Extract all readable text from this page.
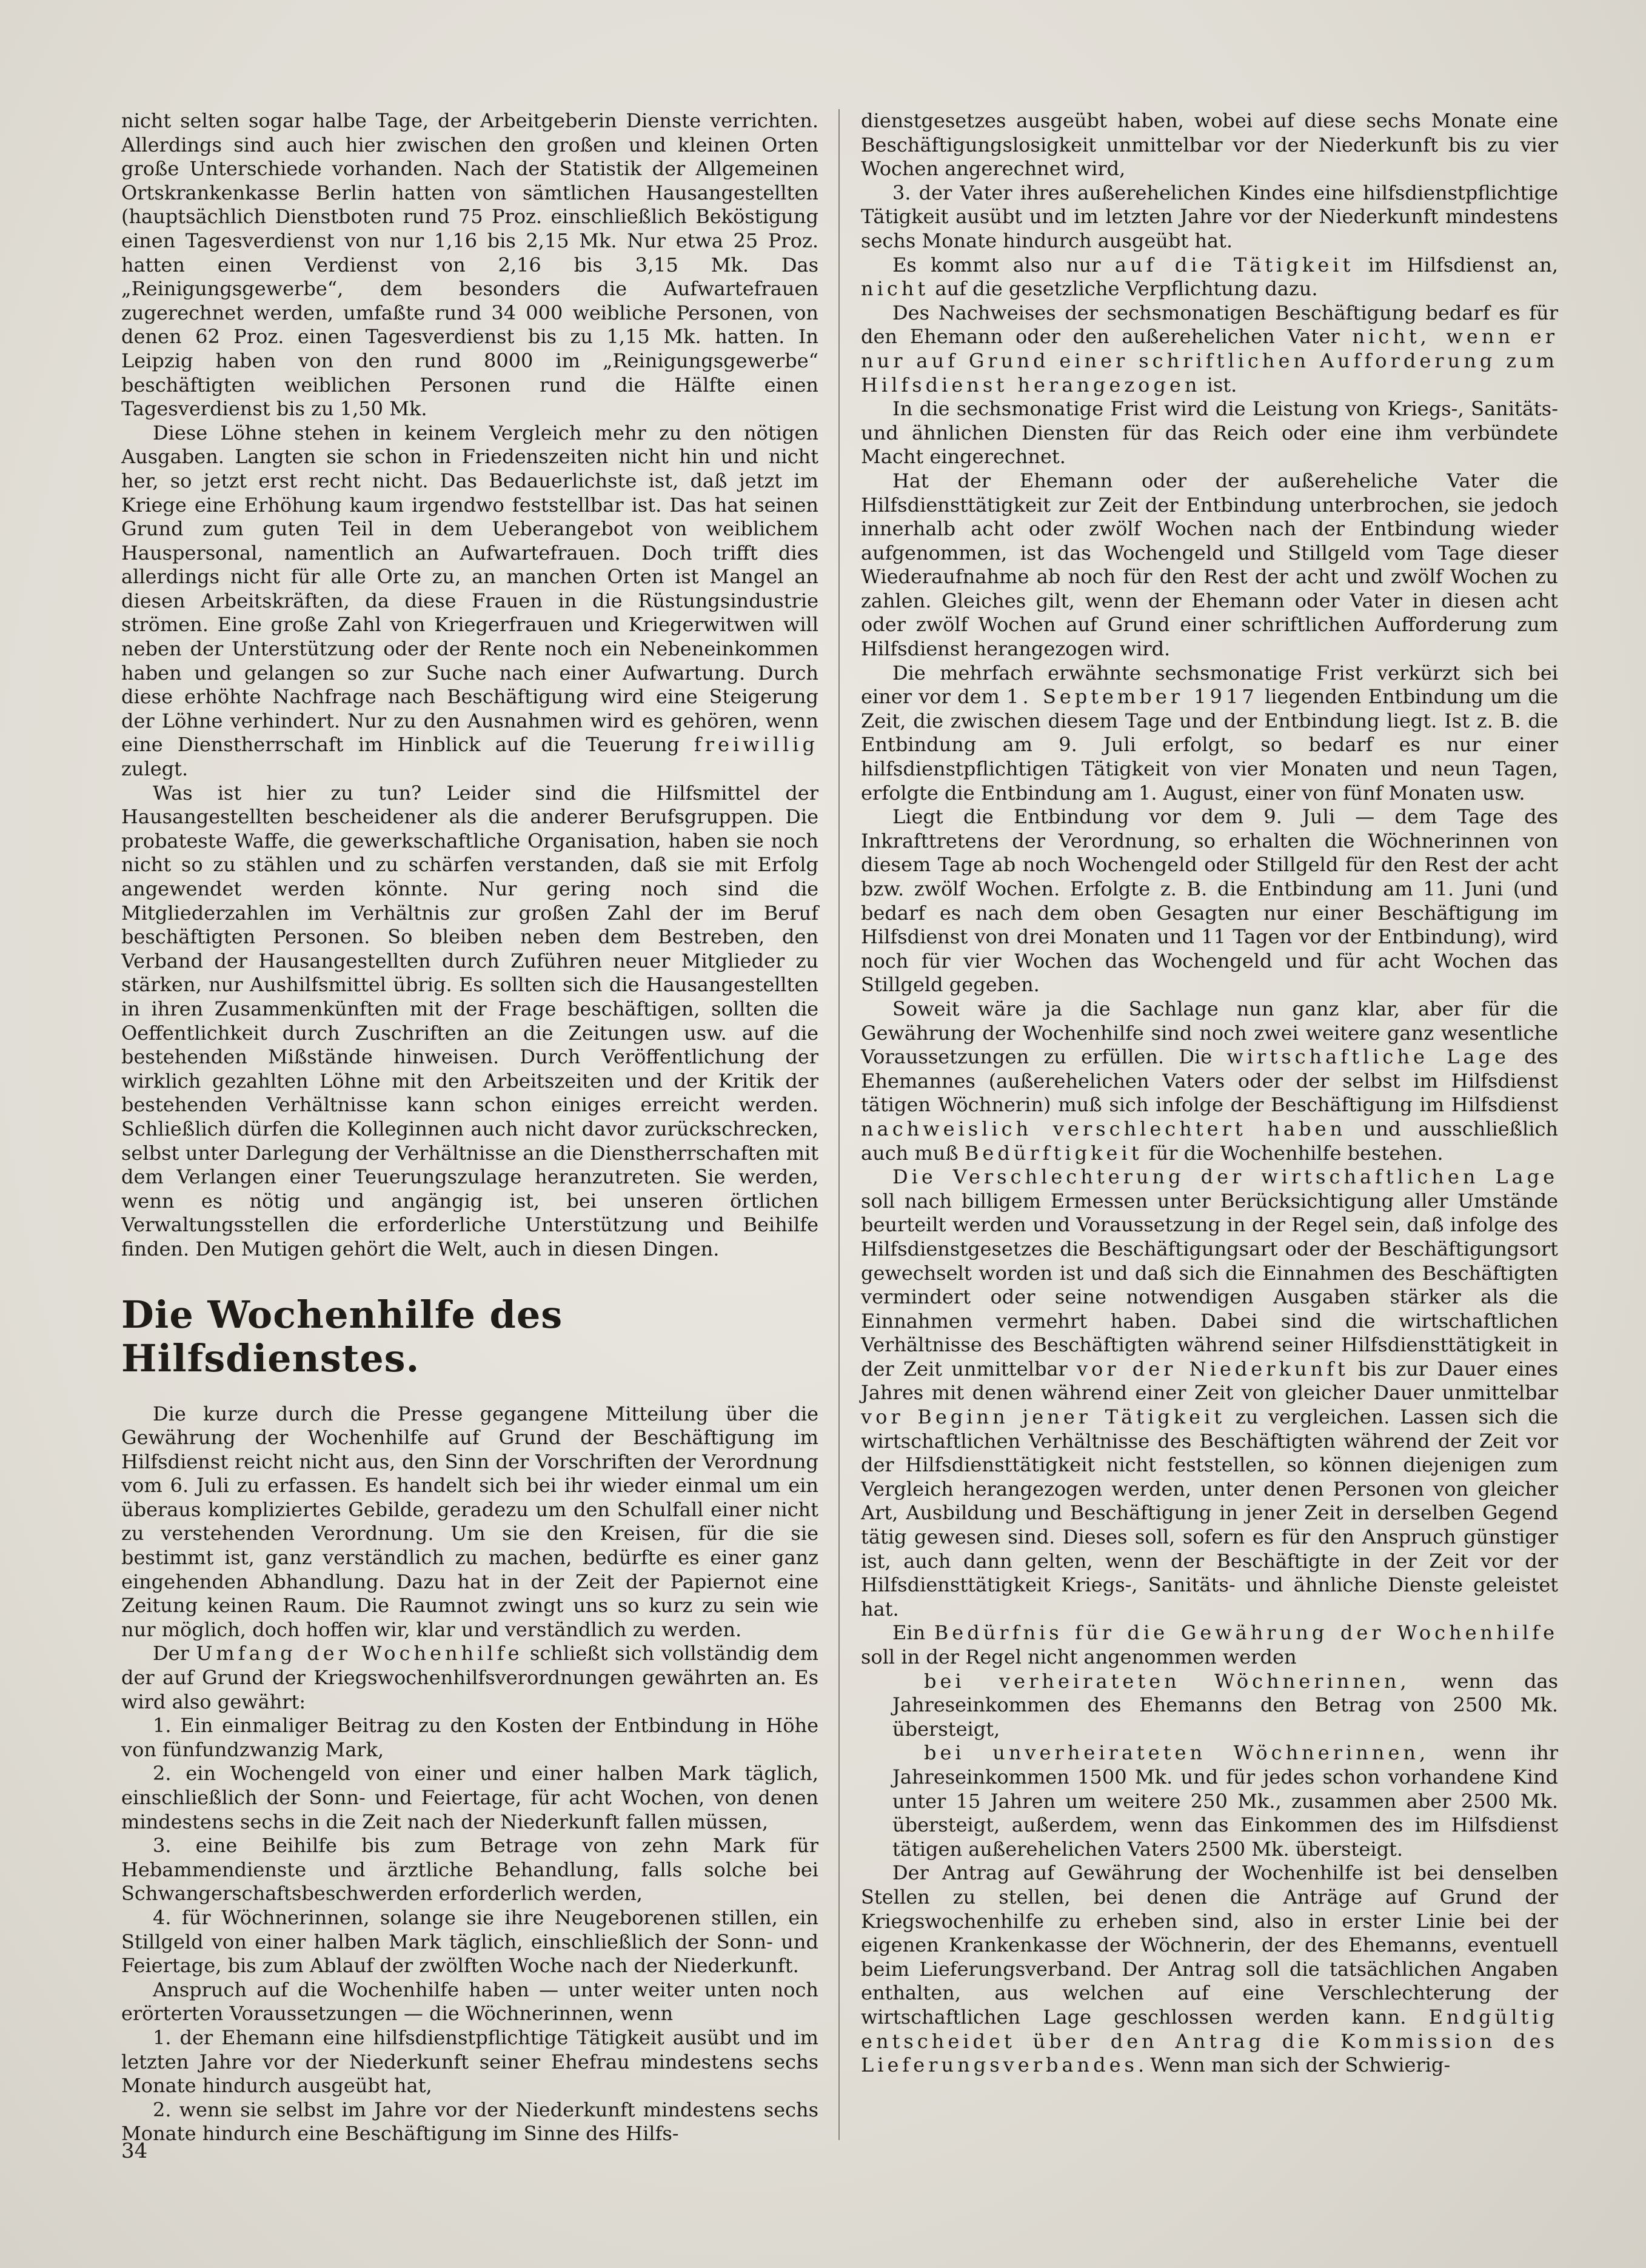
nicht selten sogar halbe Tage, der Arbeitgeberin Dienste verrichten. Allerdings sind auch hier zwischen den großen und kleinen Orten große Unterschiede vorhanden. Nach der Statistik der Allgemeinen Ortskrankenkasse Berlin hatten von sämtlichen Hausangestellten (hauptsächlich Dienstboten rund 75 Proz. einschließlich Beköstigung einen Tagesverdienst von nur 1,16 bis 2,15 Mk. Nur etwa 25 Proz. hatten einen Verdienst von 2,16 bis 3,15 Mk. Das „Reinigungsgewerbe“, dem besonders die Aufwartefrauen zugerechnet werden, umfaßte rund 34 000 weibliche Personen, von denen 62 Proz. einen Tagesverdienst bis zu 1,15 Mk. hatten. In Leipzig haben von den rund 8000 im „Reinigungsgewerbe“ beschäftigten weiblichen Personen rund die Hälfte einen Tagesverdienst bis zu 1,50 Mk.

Diese Löhne stehen in keinem Vergleich mehr zu den nötigen Ausgaben. Langten sie schon in Friedenszeiten nicht hin und nicht her, so jetzt erst recht nicht. Das Bedauerlichste ist, daß jetzt im Kriege eine Erhöhung kaum irgendwo feststellbar ist. Das hat seinen Grund zum guten Teil in dem Ueberangebot von weiblichem Hauspersonal, namentlich an Aufwartefrauen. Doch trifft dies allerdings nicht für alle Orte zu, an manchen Orten ist Mangel an diesen Arbeitskräften, da diese Frauen in die Rüstungsindustrie strömen. Eine große Zahl von Kriegerfrauen und Kriegerwitwen will neben der Unterstützung oder der Rente noch ein Nebeneinkommen haben und gelangen so zur Suche nach einer Aufwartung. Durch diese erhöhte Nachfrage nach Beschäftigung wird eine Steigerung der Löhne verhindert. Nur zu den Ausnahmen wird es gehören, wenn eine Dienstherrschaft im Hinblick auf die Teuerung freiwillig zulegt.

Was ist hier zu tun? Leider sind die Hilfsmittel der Hausangestellten bescheidener als die anderer Berufsgruppen. Die probateste Waffe, die gewerkschaftliche Organisation, haben sie noch nicht so zu stählen und zu schärfen verstanden, daß sie mit Erfolg angewendet werden könnte. Nur gering noch sind die Mitgliederzahlen im Verhältnis zur großen Zahl der im Beruf beschäftigten Personen. So bleiben neben dem Bestreben, den Verband der Hausangestellten durch Zuführen neuer Mitglieder zu stärken, nur Aushilfsmittel übrig. Es sollten sich die Hausangestellten in ihren Zusammenkünften mit der Frage beschäftigen, sollten die Oeffentlichkeit durch Zuschriften an die Zeitungen usw. auf die bestehenden Mißstände hinweisen. Durch Veröffentlichung der wirklich gezahlten Löhne mit den Arbeitszeiten und der Kritik der bestehenden Verhältnisse kann schon einiges erreicht werden. Schließlich dürfen die Kolleginnen auch nicht davor zurückschrecken, selbst unter Darlegung der Verhältnisse an die Dienstherrschaften mit dem Verlangen einer Teuerungszulage heranzutreten. Sie werden, wenn es nötig und angängig ist, bei unseren örtlichen Verwaltungsstellen die erforderliche Unterstützung und Beihilfe finden. Den Mutigen gehört die Welt, auch in diesen Dingen.

Die Wochenhilfe des Hilfsdienstes.

Die kurze durch die Presse gegangene Mitteilung über die Gewährung der Wochenhilfe auf Grund der Beschäftigung im Hilfsdienst reicht nicht aus, den Sinn der Vorschriften der Verordnung vom 6. Juli zu erfassen. Es handelt sich bei ihr wieder einmal um ein überaus kompliziertes Gebilde, geradezu um den Schulfall einer nicht zu verstehenden Verordnung. Um sie den Kreisen, für die sie bestimmt ist, ganz verständlich zu machen, bedürfte es einer ganz eingehenden Abhandlung. Dazu hat in der Zeit der Papiernot eine Zeitung keinen Raum. Die Raumnot zwingt uns so kurz zu sein wie nur möglich, doch hoffen wir, klar und verständlich zu werden.

Der Umfang der Wochenhilfe schließt sich vollständig dem der auf Grund der Kriegswochenhilfsverordnungen gewährten an. Es wird also gewährt:

1. Ein einmaliger Beitrag zu den Kosten der Entbindung in Höhe von fünfundzwanzig Mark,

2. ein Wochengeld von einer und einer halben Mark täglich, einschließlich der Sonn- und Feiertage, für acht Wochen, von denen mindestens sechs in die Zeit nach der Niederkunft fallen müssen,

3. eine Beihilfe bis zum Betrage von zehn Mark für Hebammendienste und ärztliche Behandlung, falls solche bei Schwangerschaftsbeschwerden erforderlich werden,

4. für Wöchnerinnen, solange sie ihre Neugeborenen stillen, ein Stillgeld von einer halben Mark täglich, einschließlich der Sonn- und Feiertage, bis zum Ablauf der zwölften Woche nach der Niederkunft.

Anspruch auf die Wochenhilfe haben — unter weiter unten noch erörterten Voraussetzungen — die Wöchnerinnen, wenn

1. der Ehemann eine hilfsdienstpflichtige Tätigkeit ausübt und im letzten Jahre vor der Niederkunft seiner Ehefrau mindestens sechs Monate hindurch ausgeübt hat,

2. wenn sie selbst im Jahre vor der Niederkunft mindestens sechs Monate hindurch eine Beschäftigung im Sinne des Hilfs-

dienstgesetzes ausgeübt haben, wobei auf diese sechs Monate eine Beschäftigungslosigkeit unmittelbar vor der Niederkunft bis zu vier Wochen angerechnet wird,

3. der Vater ihres außerehelichen Kindes eine hilfsdienstpflichtige Tätigkeit ausübt und im letzten Jahre vor der Niederkunft mindestens sechs Monate hindurch ausgeübt hat.

Es kommt also nur auf die Tätigkeit im Hilfsdienst an, nicht auf die gesetzliche Verpflichtung dazu.

Des Nachweises der sechsmonatigen Beschäftigung bedarf es für den Ehemann oder den außerehelichen Vater nicht, wenn er nur auf Grund einer schriftlichen Aufforderung zum Hilfsdienst herangezogen ist.

In die sechsmonatige Frist wird die Leistung von Kriegs-, Sanitäts- und ähnlichen Diensten für das Reich oder eine ihm verbündete Macht eingerechnet.

Hat der Ehemann oder der außereheliche Vater die Hilfsdiensttätigkeit zur Zeit der Entbindung unterbrochen, sie jedoch innerhalb acht oder zwölf Wochen nach der Entbindung wieder aufgenommen, ist das Wochengeld und Stillgeld vom Tage dieser Wiederaufnahme ab noch für den Rest der acht und zwölf Wochen zu zahlen. Gleiches gilt, wenn der Ehemann oder Vater in diesen acht oder zwölf Wochen auf Grund einer schriftlichen Aufforderung zum Hilfsdienst herangezogen wird.

Die mehrfach erwähnte sechsmonatige Frist verkürzt sich bei einer vor dem 1. September 1917 liegenden Entbindung um die Zeit, die zwischen diesem Tage und der Entbindung liegt. Ist z. B. die Entbindung am 9. Juli erfolgt, so bedarf es nur einer hilfsdienstpflichtigen Tätigkeit von vier Monaten und neun Tagen, erfolgte die Entbindung am 1. August, einer von fünf Monaten usw.

Liegt die Entbindung vor dem 9. Juli — dem Tage des Inkrafttretens der Verordnung, so erhalten die Wöchnerinnen von diesem Tage ab noch Wochengeld oder Stillgeld für den Rest der acht bzw. zwölf Wochen. Erfolgte z. B. die Entbindung am 11. Juni (und bedarf es nach dem oben Gesagten nur einer Beschäftigung im Hilfsdienst von drei Monaten und 11 Tagen vor der Entbindung), wird noch für vier Wochen das Wochengeld und für acht Wochen das Stillgeld gegeben.

Soweit wäre ja die Sachlage nun ganz klar, aber für die Gewährung der Wochenhilfe sind noch zwei weitere ganz wesentliche Voraussetzungen zu erfüllen. Die wirtschaftliche Lage des Ehemannes (außerehelichen Vaters oder der selbst im Hilfsdienst tätigen Wöchnerin) muß sich infolge der Beschäftigung im Hilfsdienst nachweislich verschlechtert haben und ausschließlich auch muß Bedürftigkeit für die Wochenhilfe bestehen.

Die Verschlechterung der wirtschaftlichen Lage soll nach billigem Ermessen unter Berücksichtigung aller Umstände beurteilt werden und Voraussetzung in der Regel sein, daß infolge des Hilfsdienstgesetzes die Beschäftigungsart oder der Beschäftigungsort gewechselt worden ist und daß sich die Einnahmen des Beschäftigten vermindert oder seine notwendigen Ausgaben stärker als die Einnahmen vermehrt haben. Dabei sind die wirtschaftlichen Verhältnisse des Beschäftigten während seiner Hilfsdiensttätigkeit in der Zeit unmittelbar vor der Niederkunft bis zur Dauer eines Jahres mit denen während einer Zeit von gleicher Dauer unmittelbar vor Beginn jener Tätigkeit zu vergleichen. Lassen sich die wirtschaftlichen Verhältnisse des Beschäftigten während der Zeit vor der Hilfsdiensttätigkeit nicht feststellen, so können diejenigen zum Vergleich herangezogen werden, unter denen Personen von gleicher Art, Ausbildung und Beschäftigung in jener Zeit in derselben Gegend tätig gewesen sind. Dieses soll, sofern es für den Anspruch günstiger ist, auch dann gelten, wenn der Beschäftigte in der Zeit vor der Hilfsdiensttätigkeit Kriegs-, Sanitäts- und ähnliche Dienste geleistet hat.

Ein Bedürfnis für die Gewährung der Wochenhilfe soll in der Regel nicht angenommen werden

bei verheirateten Wöchnerinnen, wenn das Jahreseinkommen des Ehemanns den Betrag von 2500 Mk. übersteigt,

bei unverheirateten Wöchnerinnen, wenn ihr Jahreseinkommen 1500 Mk. und für jedes schon vorhandene Kind unter 15 Jahren um weitere 250 Mk., zusammen aber 2500 Mk. übersteigt, außerdem, wenn das Einkommen des im Hilfsdienst tätigen außerehelichen Vaters 2500 Mk. übersteigt.

Der Antrag auf Gewährung der Wochenhilfe ist bei denselben Stellen zu stellen, bei denen die Anträge auf Grund der Kriegswochenhilfe zu erheben sind, also in erster Linie bei der eigenen Krankenkasse der Wöchnerin, der des Ehemanns, eventuell beim Lieferungsverband. Der Antrag soll die tatsächlichen Angaben enthalten, aus welchen auf eine Verschlechterung der wirtschaftlichen Lage geschlossen werden kann. Endgültig entscheidet über den Antrag die Kommission des Lieferungsverbandes. Wenn man sich der Schwierig-

34
